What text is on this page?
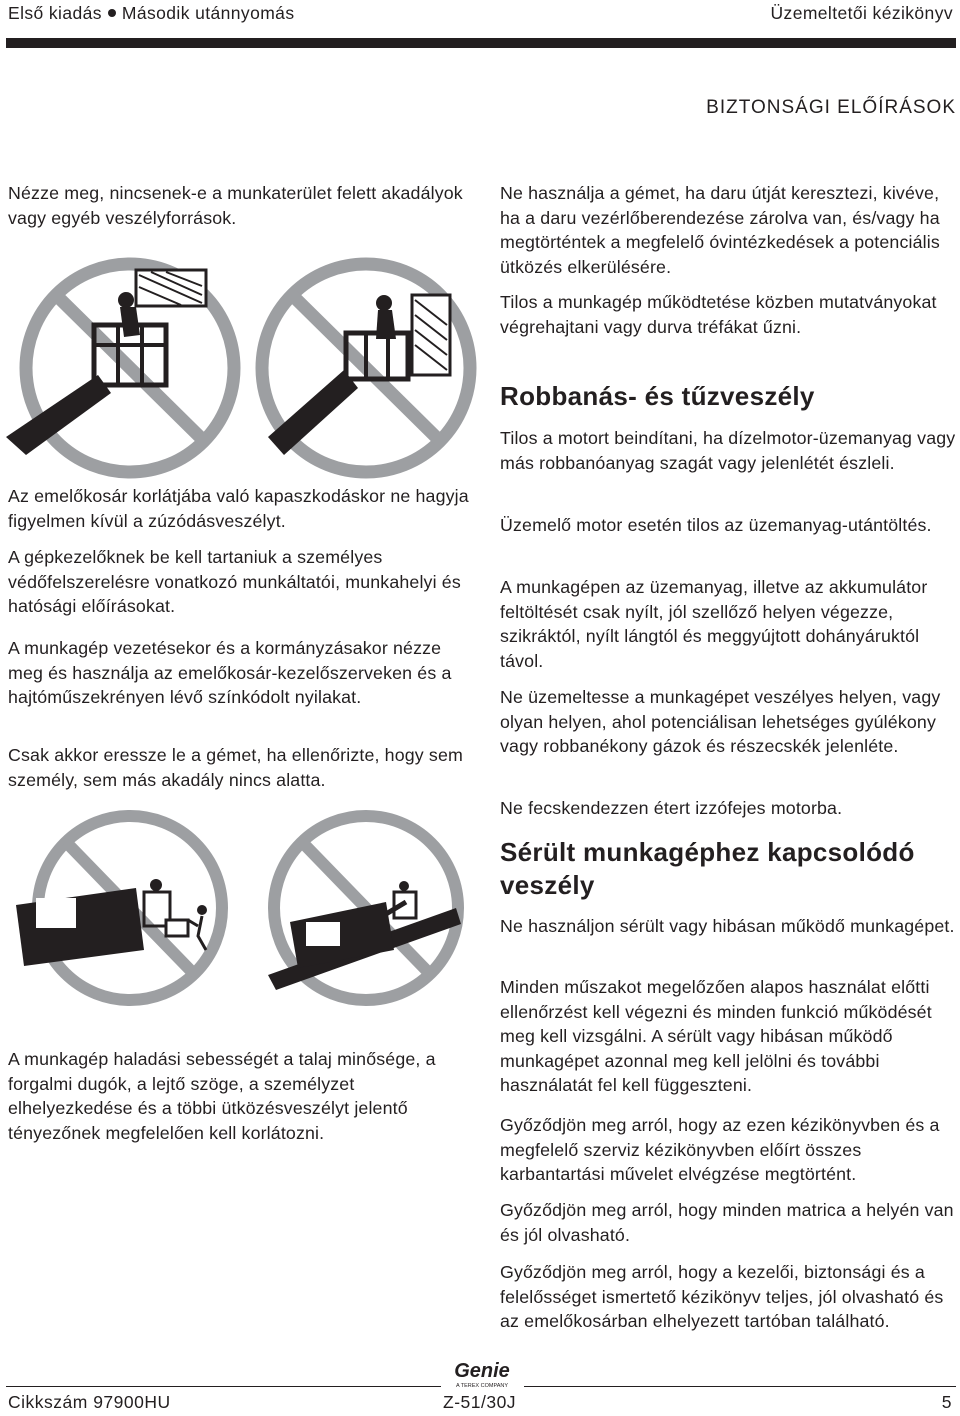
Első kiadás Második utánnyomás	Üzemeltetői kézikönyv
BIZTONSÁGI ELŐÍRÁSOK

Nézze meg, nincsenek-e a munkaterület felett akadályok vagy egyéb veszélyforrások.

Az emelőkosár korlátjába való kapaszkodáskor ne hagyja figyelmen kívül a zúzódásveszélyt.

A gépkezelőknek be kell tartaniuk a személyes védőfelszerelésre vonatkozó munkáltatói, munkahelyi és hatósági előírásokat.

A munkagép vezetésekor és a kormányzásakor nézze meg és használja az emelőkosár-kezelőszerveken és a hajtóműszekrényen lévő színkódolt nyilakat.

Csak akkor eressze le a gémet, ha ellenőrizte, hogy sem személy, sem más akadály nincs alatta.

A munkagép haladási sebességét a talaj minősége, a forgalmi dugók, a lejtő szöge, a személyzet elhelyezkedése és a többi ütközésveszélyt jelentő tényezőnek megfelelően kell korlátozni.

Ne használja a gémet, ha daru útját keresztezi, kivéve, ha a daru vezérlőberendezése zárolva van, és/vagy ha megtörténtek a megfelelő óvintézkedések a potenciális ütközés elkerülésére.

Tilos a munkagép működtetése közben mutatványokat végrehajtani vagy durva tréfákat űzni.

Robbanás- és tűzveszély

Tilos a motort beindítani, ha dízelmotor-üzemanyag vagy más robbanóanyag szagát vagy jelenlétét észleli.

Üzemelő motor esetén tilos az üzemanyag-utántöltés.

A munkagépen az üzemanyag, illetve az akkumulátor feltöltését csak nyílt, jól szellőző helyen végezze, szikráktól, nyílt lángtól és meggyújtott dohányáruktól távol.

Ne üzemeltesse a munkagépet veszélyes helyen, vagy olyan helyen, ahol potenciálisan lehetséges gyúlékony vagy robbanékony gázok és részecskék jelenléte.

Ne fecskendezzen étert izzófejes motorba.

Sérült munkagéphez kapcsolódó veszély

Ne használjon sérült vagy hibásan működő munkagépet.

Minden műszakot megelőzően alapos használat előtti ellenőrzést kell végezni és minden funkció működését meg kell vizsgálni. A sérült vagy hibásan működő munkagépet azonnal meg kell jelölni és további használatát fel kell függeszteni.

Győződjön meg arról, hogy az ezen kézikönyvben és a megfelelő szerviz kézikönyvben előírt összes karbantartási művelet elvégzése megtörtént.

Győződjön meg arról, hogy minden matrica a helyén van és jól olvasható.

Győződjön meg arról, hogy a kezelői, biztonsági és a felelősséget ismertető kézikönyv teljes, jól olvasható és az emelőkosárban elhelyezett tartóban található.

Genie
A TEREX COMPANY
Cikkszám 97900HU	Z-51/30J	5
